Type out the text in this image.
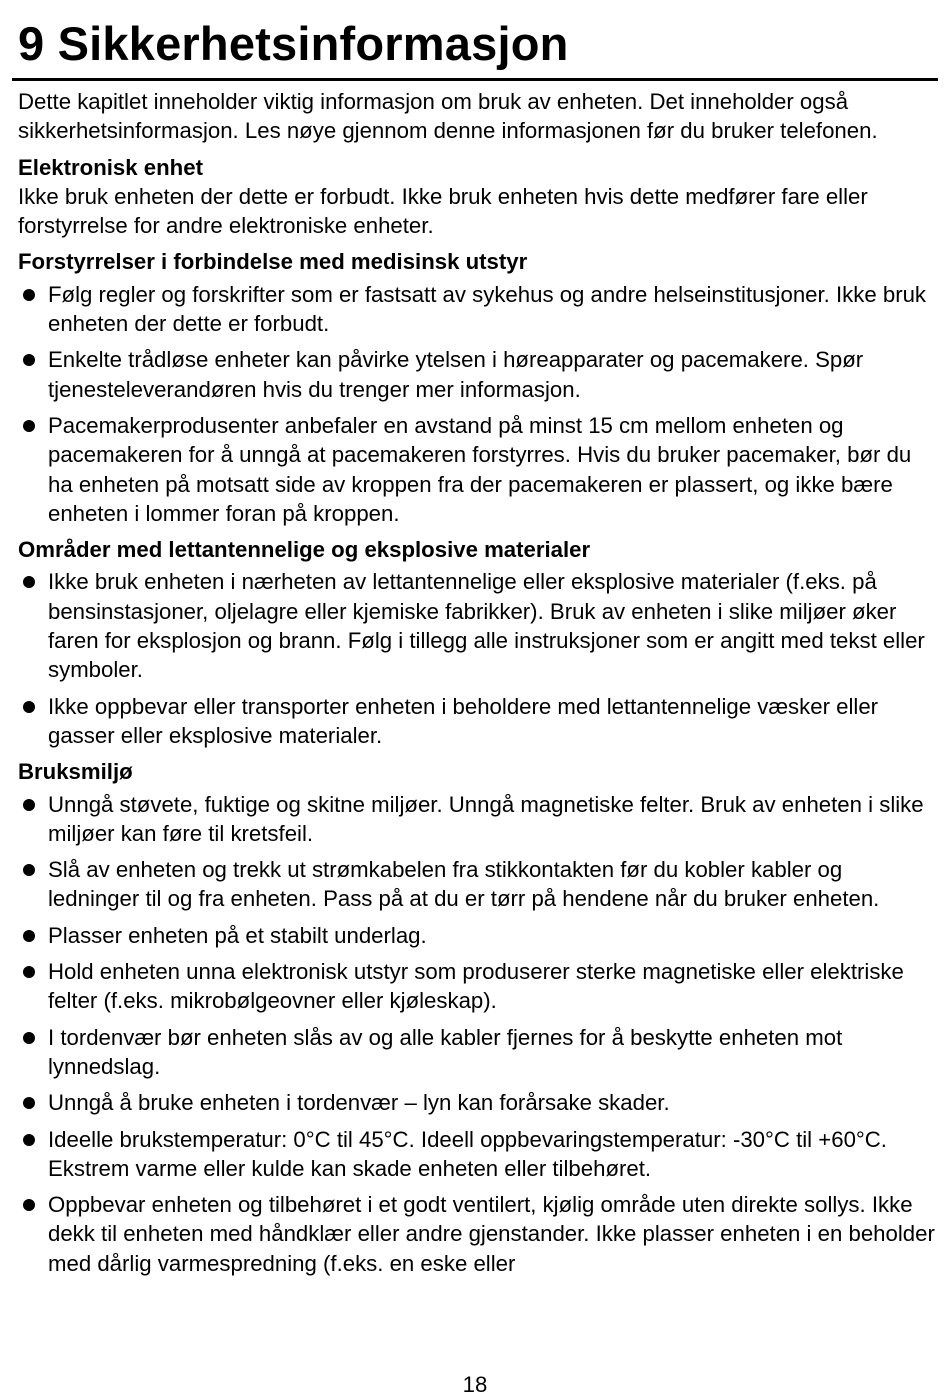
9 Sikkerhetsinformasjon

Dette kapitlet inneholder viktig informasjon om bruk av enheten. Det inneholder også sikkerhetsinformasjon. Les nøye gjennom denne informasjonen før du bruker telefonen.

Elektronisk enhet

Ikke bruk enheten der dette er forbudt. Ikke bruk enheten hvis dette medfører fare eller forstyrrelse for andre elektroniske enheter.

Forstyrrelser i forbindelse med medisinsk utstyr

Følg regler og forskrifter som er fastsatt av sykehus og andre helseinstitusjoner. Ikke bruk enheten der dette er forbudt.
Enkelte trådløse enheter kan påvirke ytelsen i høreapparater og pacemakere. Spør tjenesteleverandøren hvis du trenger mer informasjon.
Pacemakerprodusenter anbefaler en avstand på minst 15 cm mellom enheten og pacemakeren for å unngå at pacemakeren forstyrres. Hvis du bruker pacemaker, bør du ha enheten på motsatt side av kroppen fra der pacemakeren er plassert, og ikke bære enheten i lommer foran på kroppen.

Områder med lettantennelige og eksplosive materialer

Ikke bruk enheten i nærheten av lettantennelige eller eksplosive materialer (f.eks. på bensinstasjoner, oljelagre eller kjemiske fabrikker). Bruk av enheten i slike miljøer øker faren for eksplosjon og brann. Følg i tillegg alle instruksjoner som er angitt med tekst eller symboler.
Ikke oppbevar eller transporter enheten i beholdere med lettantennelige væsker eller gasser eller eksplosive materialer.

Bruksmiljø

Unngå støvete, fuktige og skitne miljøer. Unngå magnetiske felter. Bruk av enheten i slike miljøer kan føre til kretsfeil.
Slå av enheten og trekk ut strømkabelen fra stikkontakten før du kobler kabler og ledninger til og fra enheten. Pass på at du er tørr på hendene når du bruker enheten.
Plasser enheten på et stabilt underlag.
Hold enheten unna elektronisk utstyr som produserer sterke magnetiske eller elektriske felter (f.eks. mikrobølgeovner eller kjøleskap).
I tordenvær bør enheten slås av og alle kabler fjernes for å beskytte enheten mot lynnedslag.
Unngå å bruke enheten i tordenvær – lyn kan forårsake skader.
Ideelle brukstemperatur: 0°C til 45°C. Ideell oppbevaringstemperatur: -30°C til +60°C. Ekstrem varme eller kulde kan skade enheten eller tilbehøret.
Oppbevar enheten og tilbehøret i et godt ventilert, kjølig område uten direkte sollys. Ikke dekk til enheten med håndklær eller andre gjenstander. Ikke plasser enheten i en beholder med dårlig varmespredning (f.eks. en eske eller
18
